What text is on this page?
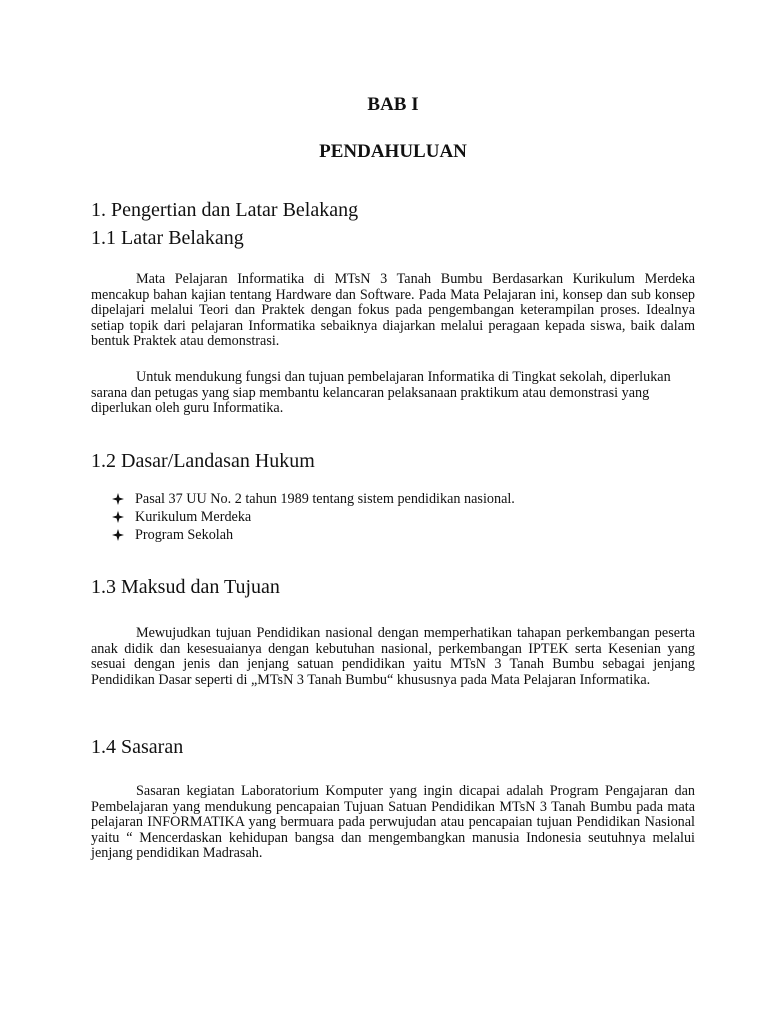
BAB I
PENDAHULUAN
1. Pengertian dan Latar Belakang
1.1 Latar Belakang

Mata Pelajaran Informatika di MTsN 3 Tanah Bumbu Berdasarkan Kurikulum Merdeka mencakup bahan kajian tentang Hardware dan Software. Pada Mata Pelajaran ini, konsep dan sub konsep dipelajari melalui Teori dan Praktek dengan fokus pada pengembangan keterampilan proses. Idealnya setiap topik dari pelajaran Informatika sebaiknya diajarkan melalui peragaan kepada siswa, baik dalam bentuk Praktek atau demonstrasi.

Untuk mendukung fungsi dan tujuan pembelajaran Informatika di Tingkat sekolah, diperlukan sarana dan petugas yang siap membantu kelancaran pelaksanaan praktikum atau demonstrasi yang diperlukan oleh guru Informatika.

1.2 Dasar/Landasan Hukum
Pasal 37 UU No. 2 tahun 1989 tentang sistem pendidikan nasional.
Kurikulum Merdeka
Program Sekolah
1.3 Maksud dan Tujuan

Mewujudkan tujuan Pendidikan nasional dengan memperhatikan tahapan perkembangan peserta anak didik dan kesesuaianya dengan kebutuhan nasional, perkembangan IPTEK serta Kesenian yang sesuai dengan jenis dan jenjang satuan pendidikan yaitu MTsN 3 Tanah Bumbu sebagai jenjang Pendidikan Dasar seperti di „MTsN 3 Tanah Bumbu“ khususnya pada Mata Pelajaran Informatika.

1.4 Sasaran

Sasaran kegiatan Laboratorium Komputer yang ingin dicapai adalah Program Pengajaran dan Pembelajaran yang mendukung pencapaian Tujuan Satuan Pendidikan MTsN 3 Tanah Bumbu pada mata pelajaran INFORMATIKA yang bermuara pada perwujudan atau pencapaian tujuan Pendidikan Nasional yaitu “ Mencerdaskan kehidupan bangsa dan mengembangkan manusia Indonesia seutuhnya melalui jenjang pendidikan Madrasah.
